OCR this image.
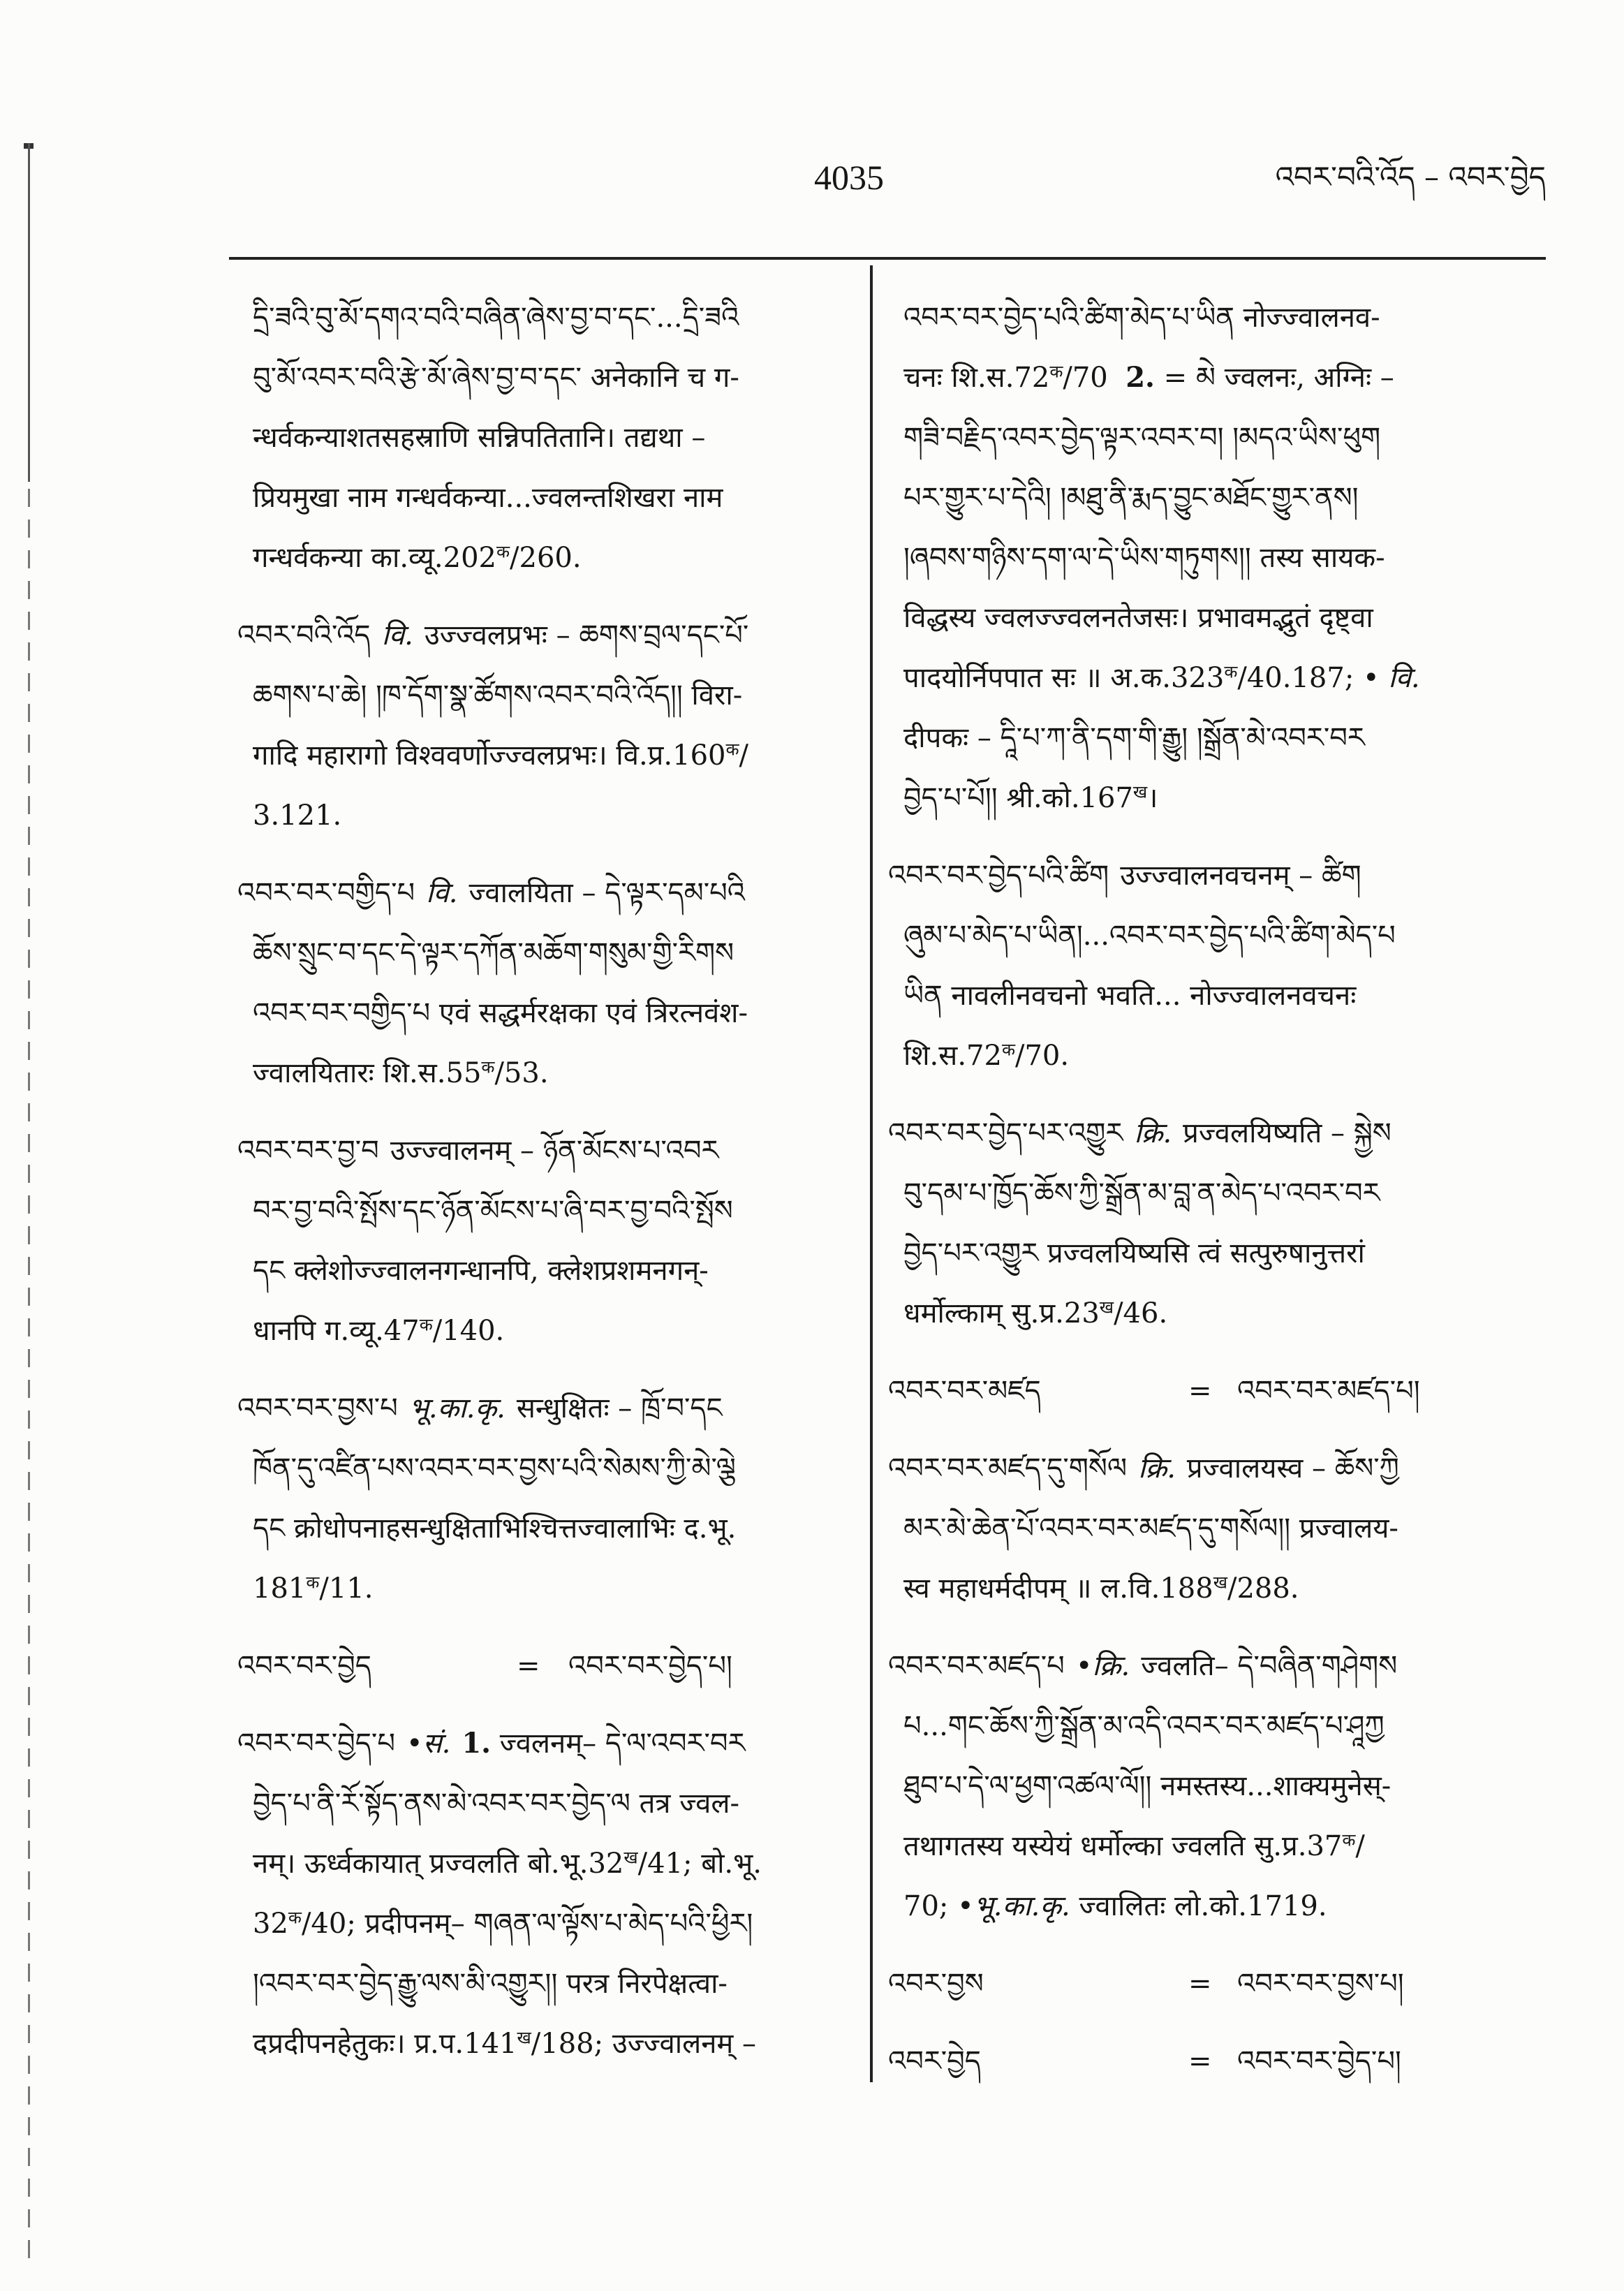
4035	འབར་བའི་འོད – འབར་བྱེད
དྲི་ཟའི་བུ་མོ་དགའ་བའི་བཞིན་ཞེས་བྱ་བ་དང་...དྲི་ཟའི
བུ་མོ་འབར་བའི་རྩེ་མོ་ཞེས་བྱ་བ་དང་ अनेकानि च ग-
न्धर्वकन्याशतसहस्राणि सन्निपतितानि। तद्यथा –
प्रियमुखा नाम गन्धर्वकन्या...ज्वलन्तशिखरा नाम
गन्धर्वकन्या $का.व्यू.202^क/260$.
འབར་བའི་འོད वि. उज्ज्वलप्रभः – ཆགས་བྲལ་དང་པོ་
ཆགས་པ་ཆེ། །ཁ་དོག་སྣ་ཚོགས་འབར་བའི་འོད།། विरा-
गादि महारागो विश्ववर्णोज्ज्वलप्रभः। $वि.प्र.160^क/$
3.121.
འབར་བར་བགྱིད་པ वि. ज्वालयिता – དེ་ལྟར་དམ་པའི
ཆོས་སྲུང་བ་དང་དེ་ལྟར་དཀོན་མཆོག་གསུམ་གྱི་རིགས
འབར་བར་བགྱིད་པ एवं सद्धर्मरक्षका एवं त्रिरत्नवंश-
ज्वालयितारः $शि.स.55^क/53$.
འབར་བར་བྱ་བ उज्ज्वालनम् – ཉོན་མོངས་པ་འབར
བར་བྱ་བའི་སྤོས་དང་ཉོན་མོངས་པ་ཞི་བར་བྱ་བའི་སྤོས
དང क्लेशोज्ज्वालनगन्धानपि, क्लेशप्रशमनगन्-
धानपि $ग.व्यू.47^क/140$.
འབར་བར་བྱས་པ भू.का.कृ. सन्धुक्षितः – ཁྲོ་བ་དང
ཁོན་དུ་འཛིན་པས་འབར་བར་བྱས་པའི་སེམས་ཀྱི་མེ་ལྕེ
དང क्रोधोपनाहसन्धुक्षिताभिश्चित्तज्वालाभिः द.भू.
$181^क/11$.
འབར་བར་བྱེད	= འབར་བར་བྱེད་པ།
འབར་བར་བྱེད་པ •सं. 1. ज्वलनम्– དེ་ལ་འབར་བར
བྱེད་པ་ནི་རོ་སྟོད་ནས་མེ་འབར་བར་བྱེད་ལ तत्र ज्वल-
नम्। ऊर्ध्वकायात् प्रज्वलति $बो.भू.32^ख/41$; बो.भू.
$32^क/40$; प्रदीपनम्– གཞན་ལ་ལྟོས་པ་མེད་པའི་ཕྱིར།
།འབར་བར་བྱེད་རྒྱུ་ལས་མི་འགྱུར།། परत्र निरपेक्षत्वा-
दप्रदीपनहेतुकः। $प्र.प.141^ख/188$; उज्ज्वालनम् –
འབར་བར་བྱེད་པའི་ཚིག་མེད་པ་ཡིན नोज्ज्वालनव-
चनः $शि.स.72^क/70$  2. = མེ ज्वलनः, अग्निः –
གཟི་བརྗིད་འབར་བྱེད་ལྟར་འབར་བ། །མདའ་ཡིས་ཕུག
པར་གྱུར་པ་དེའི། །མཐུ་ནི་རྨད་བྱུང་མཐོང་གྱུར་ནས།
།ཞབས་གཉིས་དག་ལ་དེ་ཡིས་གཏུགས།། तस्य सायक-
विद्धस्य ज्वलज्ज्वलनतेजसः। प्रभावमद्भुतं दृष्ट्वा
पादयोर्निपपात सः ॥ $अ.क.323^क/40.187$; • वि.
दीपकः – དཱི་པ་ཀ་ནི་དག་གི་རྒྱུ། །སྒྲོན་མེ་འབར་བར
བྱེད་པ་པོ།། $श्री.को.167^ख।$
འབར་བར་བྱེད་པའི་ཚིག उज्ज्वालनवचनम् – ཚིག
ཞུམ་པ་མེད་པ་ཡིན།...འབར་བར་བྱེད་པའི་ཚིག་མེད་པ
ཡིན नावलीनवचनो भवति... नोज्ज्वालनवचनः
$शि.स.72^क/70$.
འབར་བར་བྱེད་པར་འགྱུར क्रि. प्रज्वलयिष्यति – སྐྱེས
བུ་དམ་པ་ཁྱོད་ཆོས་ཀྱི་སྒྲོན་མ་བླ་ན་མེད་པ་འབར་བར
བྱེད་པར་འགྱུར प्रज्वलयिष्यसि त्वं सत्पुरुषानुत्तरां
धर्मोल्काम् $सु.प्र.23^ख/46$.
འབར་བར་མཛད	= འབར་བར་མཛད་པ།
འབར་བར་མཛད་དུ་གསོལ क्रि. प्रज्वालयस्व – ཆོས་ཀྱི
མར་མེ་ཆེན་པོ་འབར་བར་མཛད་དུ་གསོལ།། प्रज्वालय-
स्व महाधर्मदीपम् ॥ $ल.वि.188^ख/288$.
འབར་བར་མཛད་པ •क्रि. ज्वलति– དེ་བཞིན་གཤེགས
པ...གང་ཆོས་ཀྱི་སྒྲོན་མ་འདི་འབར་བར་མཛད་པ་ཤཱཀྱ
ཐུབ་པ་དེ་ལ་ཕྱག་འཚལ་ལོ།། नमस्तस्य...शाक्यमुनेस्-
तथागतस्य यस्येयं धर्मोल्का ज्वलति $सु.प्र.37^क/$
70; •भू.का.कृ. ज्वालितः लो.को.1719.
འབར་བྱས	= འབར་བར་བྱས་པ།
འབར་བྱེད	= འབར་བར་བྱེད་པ།
